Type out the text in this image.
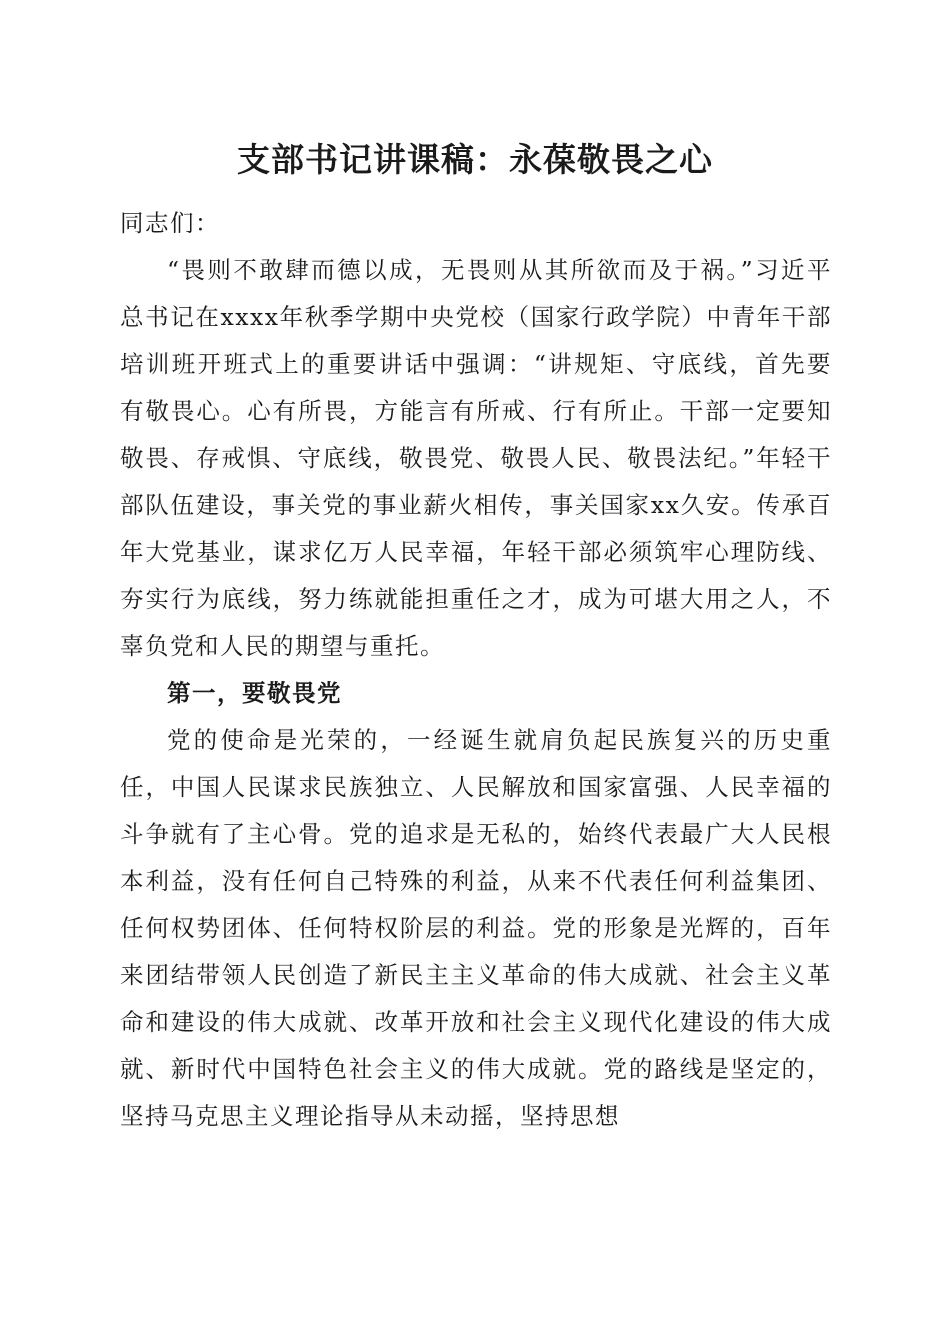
支部书记讲课稿：永葆敬畏之心

同志们：

“畏则不敢肆而德以成，无畏则从其所欲而及于祸。”习近平总书记在xxxx年秋季学期中央党校（国家行政学院）中青年干部培训班开班式上的重要讲话中强调：“讲规矩、守底线，首先要有敬畏心。心有所畏，方能言有所戒、行有所止。干部一定要知敬畏、存戒惧、守底线，敬畏党、敬畏人民、敬畏法纪。”年轻干部队伍建设，事关党的事业薪火相传，事关国家xx久安。传承百年大党基业，谋求亿万人民幸福，年轻干部必须筑牢心理防线、夯实行为底线，努力练就能担重任之才，成为可堪大用之人，不辜负党和人民的期望与重托。

第一，要敬畏党

党的使命是光荣的，一经诞生就肩负起民族复兴的历史重任，中国人民谋求民族独立、人民解放和国家富强、人民幸福的斗争就有了主心骨。党的追求是无私的，始终代表最广大人民根本利益，没有任何自己特殊的利益，从来不代表任何利益集团、任何权势团体、任何特权阶层的利益。党的形象是光辉的，百年来团结带领人民创造了新民主主义革命的伟大成就、社会主义革命和建设的伟大成就、改革开放和社会主义现代化建设的伟大成就、新时代中国特色社会主义的伟大成就。党的路线是坚定的，坚持马克思主义理论指导从未动摇，坚持思想
